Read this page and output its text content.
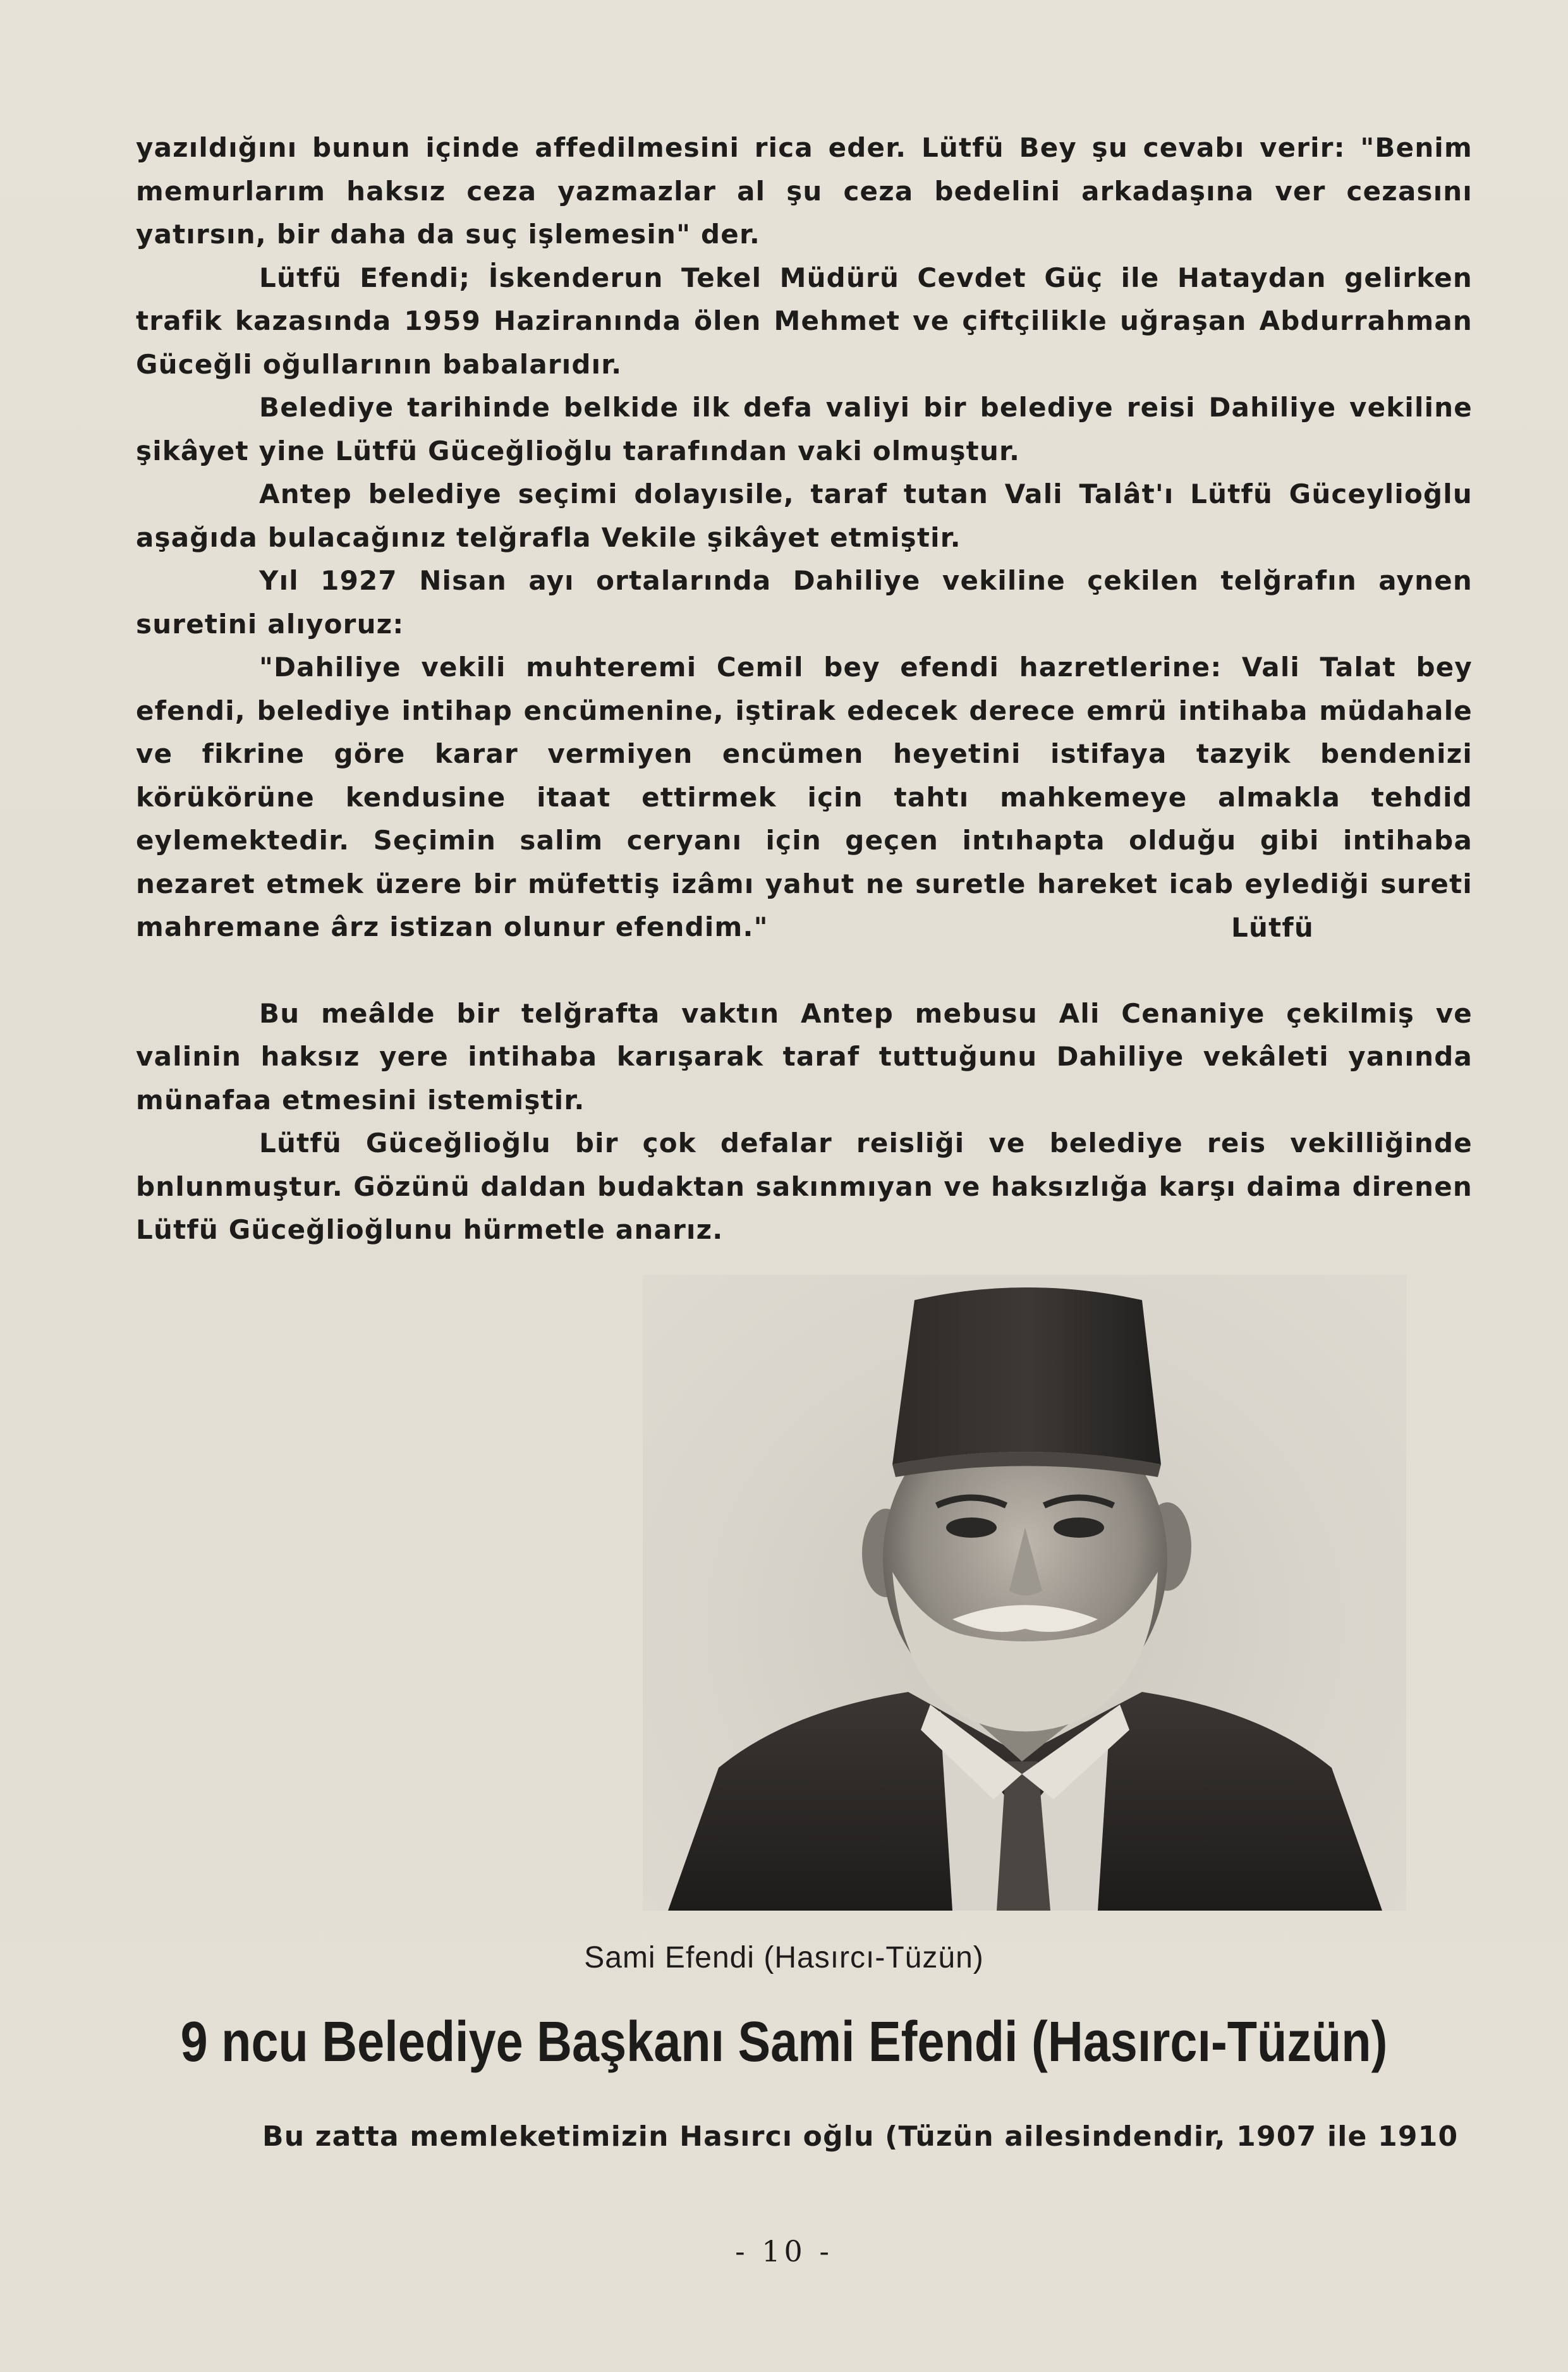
yazıldığını bunun içinde affedilmesini rica eder. Lütfü Bey şu cevabı verir: "Benim memurlarım haksız ceza yazmazlar al şu ceza bedelini arkadaşına ver cezasını yatırsın, bir daha da suç işlemesin" der.

Lütfü Efendi; İskenderun Tekel Müdürü Cevdet Güç ile Hataydan gelirken trafik kazasında 1959 Haziranında ölen Mehmet ve çiftçilikle uğraşan Abdurrahman Güceğli oğullarının babalarıdır.

Belediye tarihinde belkide ilk defa valiyi bir belediye reisi Dahiliye vekiline şikâyet yine Lütfü Güceğlioğlu tarafından vaki olmuştur.

Antep belediye seçimi dolayısile, taraf tutan Vali Talât'ı Lütfü Güceylioğlu aşağıda bulacağınız telğrafla Vekile şikâyet etmiştir.

Yıl 1927 Nisan ayı ortalarında Dahiliye vekiline çekilen telğrafın aynen suretini alıyoruz:

"Dahiliye vekili muhteremi Cemil bey efendi hazretlerine: Vali Talat bey efendi, belediye intihap encümenine, iştirak edecek derece emrü intihaba müdahale ve fikrine göre karar vermiyen encümen heyetini istifaya tazyik bendenizi körükörüne kendusine itaat ettirmek için tahtı mahkemeye almakla tehdid eylemektedir. Seçimin salim ceryanı için geçen intıhapta olduğu gibi intihaba nezaret etmek üzere bir müfettiş izâmı yahut ne suretle hareket icab eylediği sureti mahremane ârz istizan olunur efendim."

Bu meâlde bir telğrafta vaktın Antep mebusu Ali Cenaniye çekilmiş ve valinin haksız yere intihaba karışarak taraf tuttuğunu Dahiliye vekâleti yanında münafaa etmesini istemiştir.

Lütfü Güceğlioğlu bir çok defalar reisliği ve belediye reis vekilliğinde bnlunmuştur. Gözünü daldan budaktan sakınmıyan ve haksızlığa karşı daima direnen Lütfü Güceğlioğlunu hürmetle anarız.

Lütfü
Sami Efendi (Hasırcı-Tüzün)
9 ncu Belediye Başkanı Sami Efendi (Hasırcı-Tüzün)
Bu zatta memleketimizin Hasırcı oğlu (Tüzün ailesindendir, 1907 ile 1910
- 10 -
